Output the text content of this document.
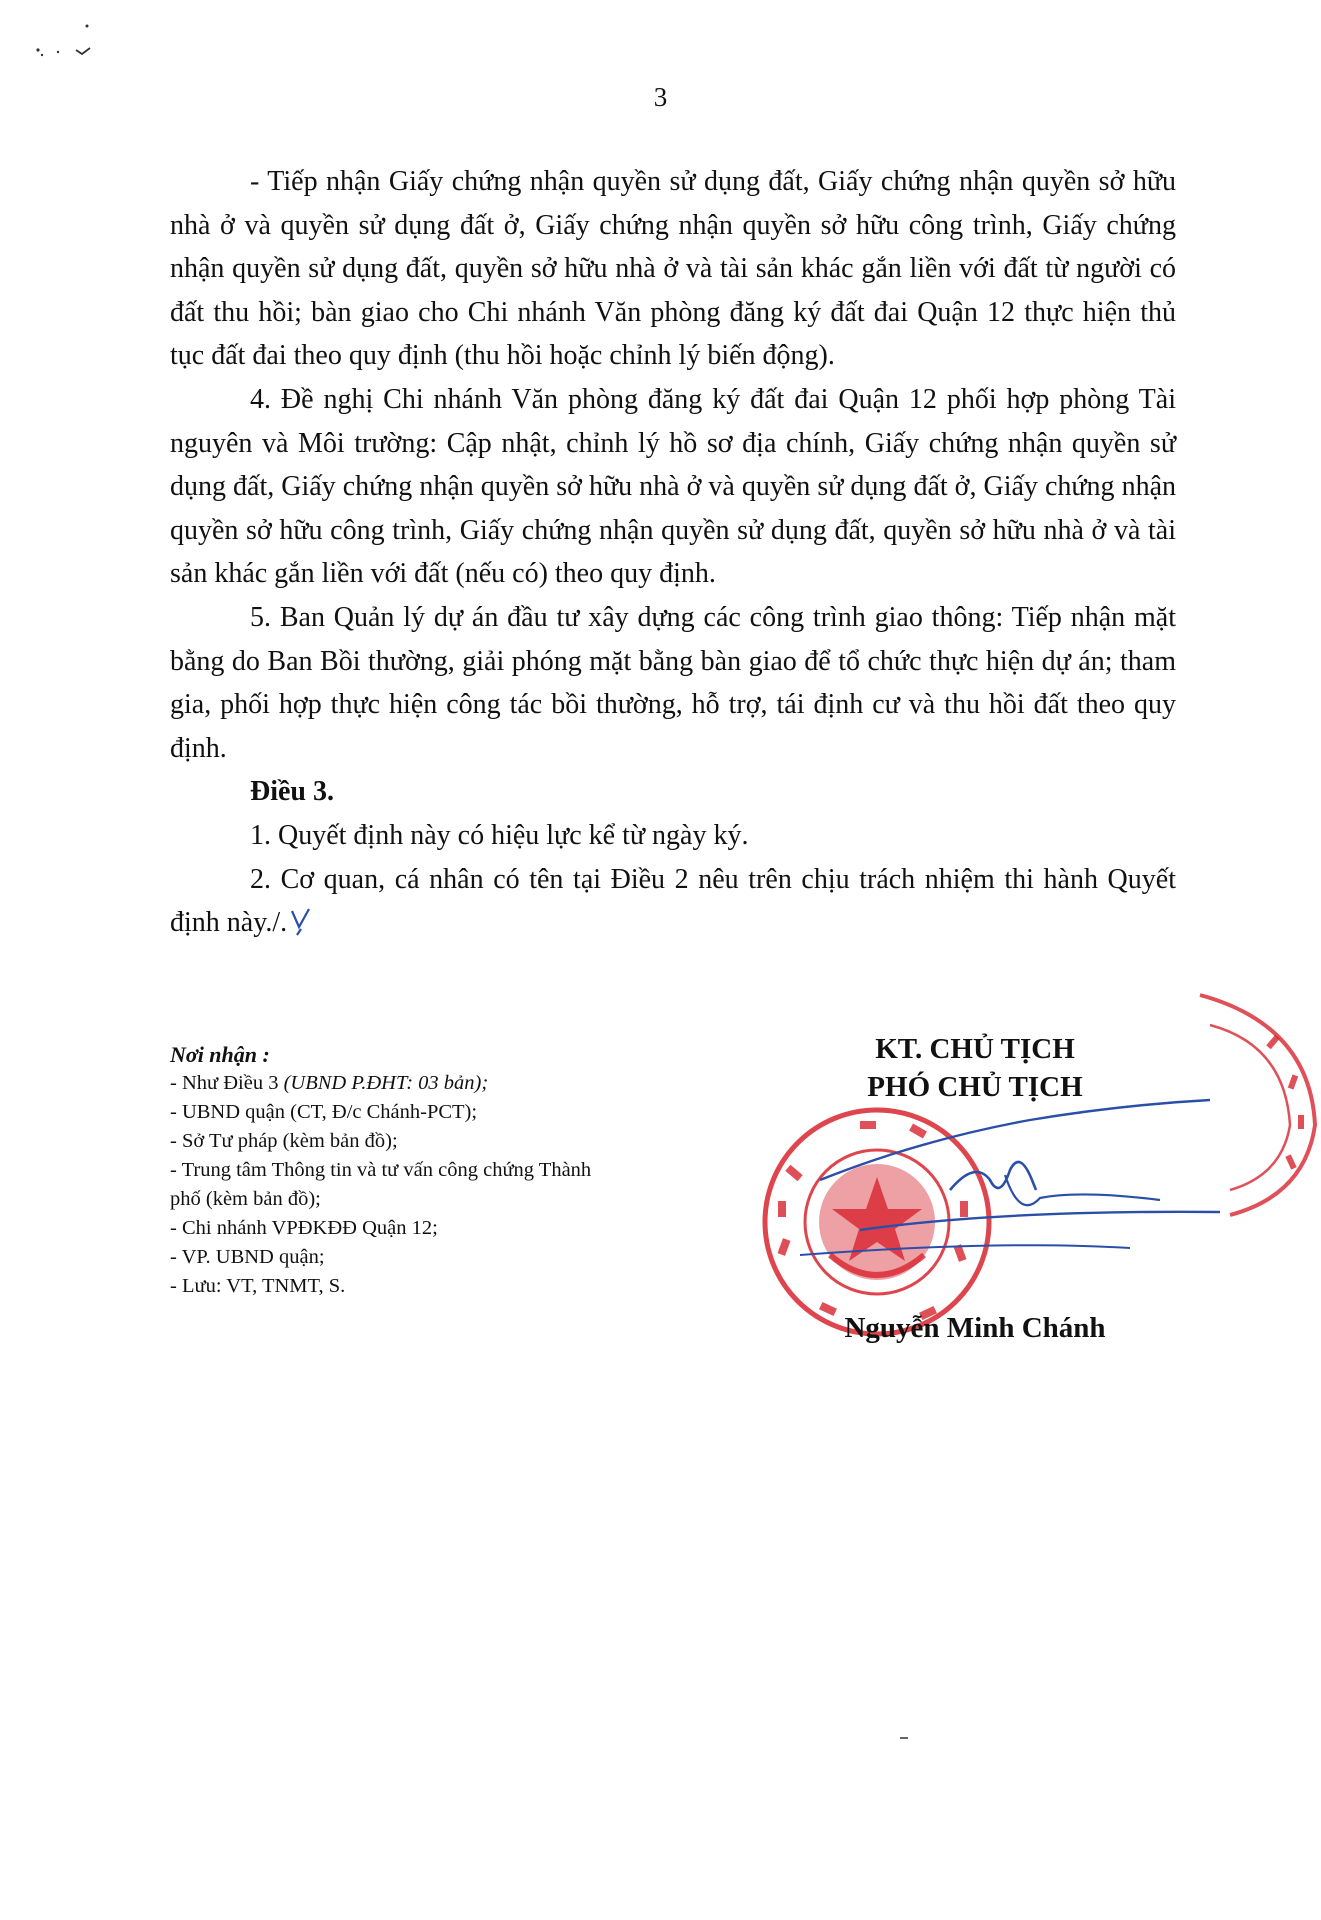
3

- Tiếp nhận Giấy chứng nhận quyền sử dụng đất, Giấy chứng nhận quyền sở hữu nhà ở và quyền sử dụng đất ở, Giấy chứng nhận quyền sở hữu công trình, Giấy chứng nhận quyền sử dụng đất, quyền sở hữu nhà ở và tài sản khác gắn liền với đất từ người có đất thu hồi; bàn giao cho Chi nhánh Văn phòng đăng ký đất đai Quận 12 thực hiện thủ tục đất đai theo quy định (thu hồi hoặc chỉnh lý biến động).

4. Đề nghị Chi nhánh Văn phòng đăng ký đất đai Quận 12 phối hợp phòng Tài nguyên và Môi trường: Cập nhật, chỉnh lý hồ sơ địa chính, Giấy chứng nhận quyền sử dụng đất, Giấy chứng nhận quyền sở hữu nhà ở và quyền sử dụng đất ở, Giấy chứng nhận quyền sở hữu công trình, Giấy chứng nhận quyền sử dụng đất, quyền sở hữu nhà ở và tài sản khác gắn liền với đất (nếu có) theo quy định.

5. Ban Quản lý dự án đầu tư xây dựng các công trình giao thông: Tiếp nhận mặt bằng do Ban Bồi thường, giải phóng mặt bằng bàn giao để tổ chức thực hiện dự án; tham gia, phối hợp thực hiện công tác bồi thường, hỗ trợ, tái định cư và thu hồi đất theo quy định.

Điều 3.

1. Quyết định này có hiệu lực kể từ ngày ký.

2. Cơ quan, cá nhân có tên tại Điều 2 nêu trên chịu trách nhiệm thi hành Quyết định này./.

Nơi nhận :
- Như Điều 3 (UBND P.ĐHT: 03 bản);
- UBND quận (CT, Đ/c Chánh-PCT);
- Sở Tư pháp (kèm bản đồ);
- Trung tâm Thông tin và tư vấn công chứng Thành phố (kèm bản đồ);
- Chi nhánh VPĐKĐĐ Quận 12;
- VP. UBND quận;
- Lưu: VT, TNMT, S.
KT. CHỦ TỊCH
PHÓ CHỦ TỊCH
Nguyễn Minh Chánh
